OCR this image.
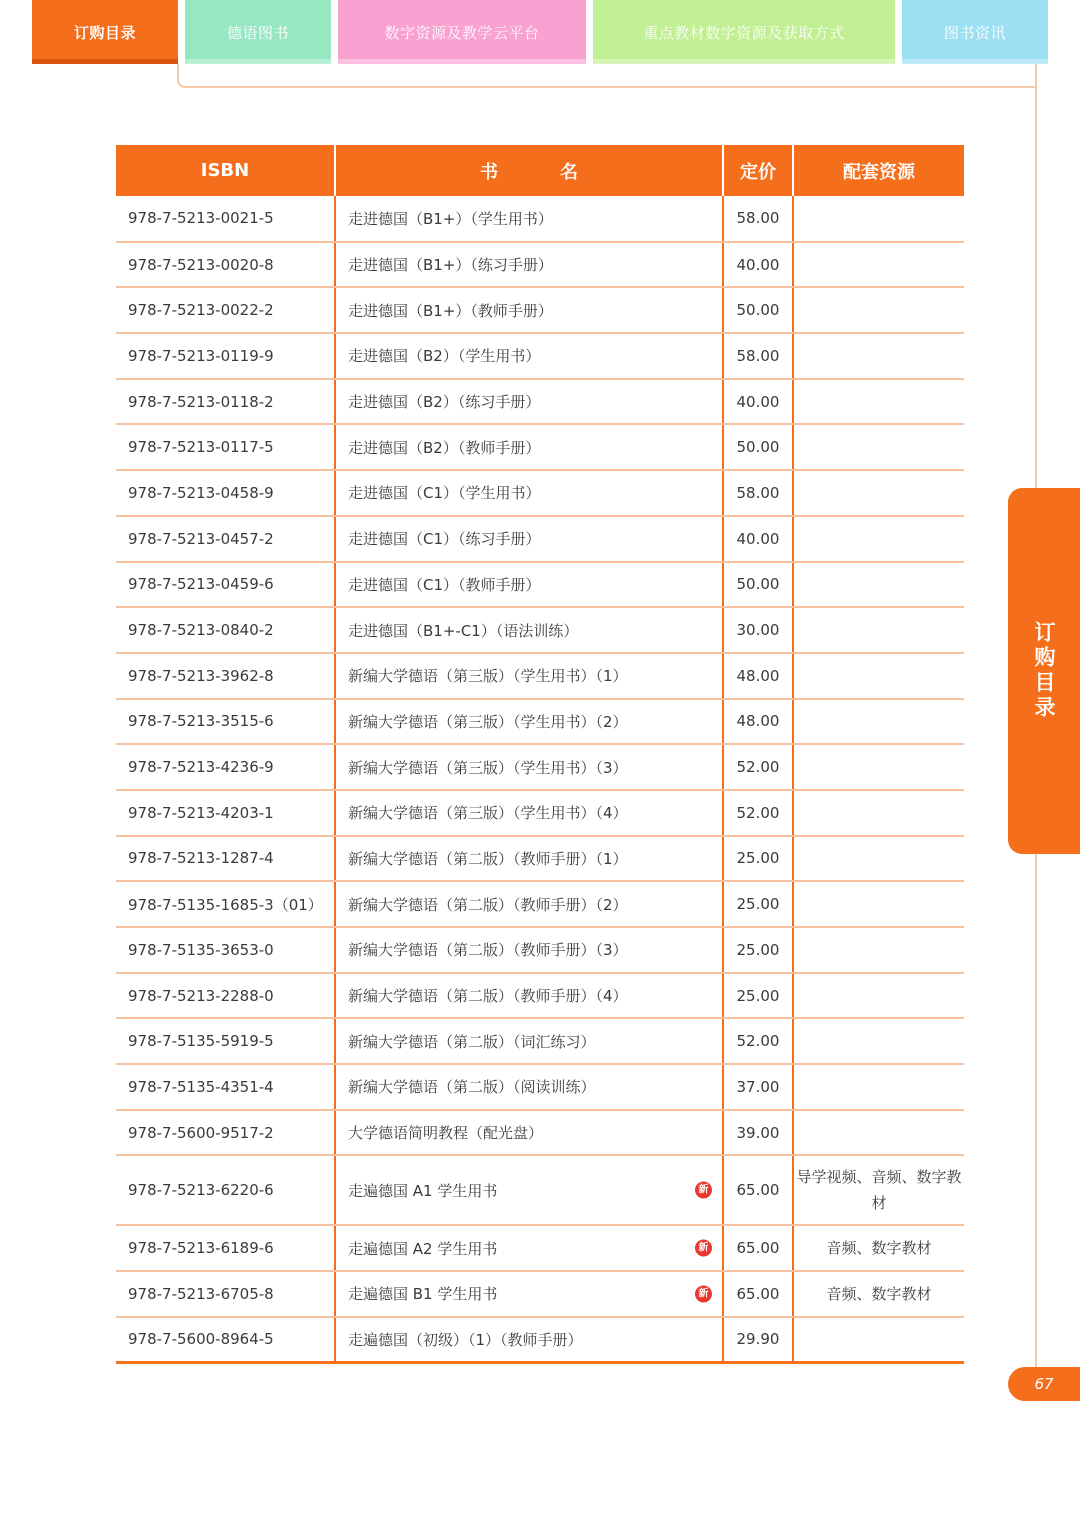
订购目录	德语图书	数字资源及教学云平台	重点教材数字资源及获取方式	图书资讯
订购目录
ISBN	书　名	定价	配套资源
978-7-5213-0021-5	走进德国（B1+）（学生用书）	58.00	
978-7-5213-0020-8	走进德国（B1+）（练习手册）	40.00	
978-7-5213-0022-2	走进德国（B1+）（教师手册）	50.00	
978-7-5213-0119-9	走进德国（B2）（学生用书）	58.00	
978-7-5213-0118-2	走进德国（B2）（练习手册）	40.00	
978-7-5213-0117-5	走进德国（B2）（教师手册）	50.00	
978-7-5213-0458-9	走进德国（C1）（学生用书）	58.00	
978-7-5213-0457-2	走进德国（C1）（练习手册）	40.00	
978-7-5213-0459-6	走进德国（C1）（教师手册）	50.00	
978-7-5213-0840-2	走进德国（B1+-C1）（语法训练）	30.00	
978-7-5213-3962-8	新编大学德语（第三版）（学生用书）（1）	48.00	
978-7-5213-3515-6	新编大学德语（第三版）（学生用书）（2）	48.00	
978-7-5213-4236-9	新编大学德语（第三版）（学生用书）（3）	52.00	
978-7-5213-4203-1	新编大学德语（第三版）（学生用书）（4）	52.00	
978-7-5213-1287-4	新编大学德语（第二版）（教师手册）（1）	25.00	
978-7-5135-1685-3（01）	新编大学德语（第二版）（教师手册）（2）	25.00	
978-7-5135-3653-0	新编大学德语（第二版）（教师手册）（3）	25.00	
978-7-5213-2288-0	新编大学德语（第二版）（教师手册）（4）	25.00	
978-7-5135-5919-5	新编大学德语（第二版）（词汇练习）	52.00	
978-7-5135-4351-4	新编大学德语（第二版）（阅读训练）	37.00	
978-7-5600-9517-2	大学德语简明教程（配光盘）	39.00	
978-7-5213-6220-6	走遍德国 A1 学生用书 新	65.00	导学视频、音频、数字教材
978-7-5213-6189-6	走遍德国 A2 学生用书 新	65.00	音频、数字教材
978-7-5213-6705-8	走遍德国 B1 学生用书 新	65.00	音频、数字教材
978-7-5600-8964-5	走遍德国（初级）（1）（教师手册）	29.90	
67
